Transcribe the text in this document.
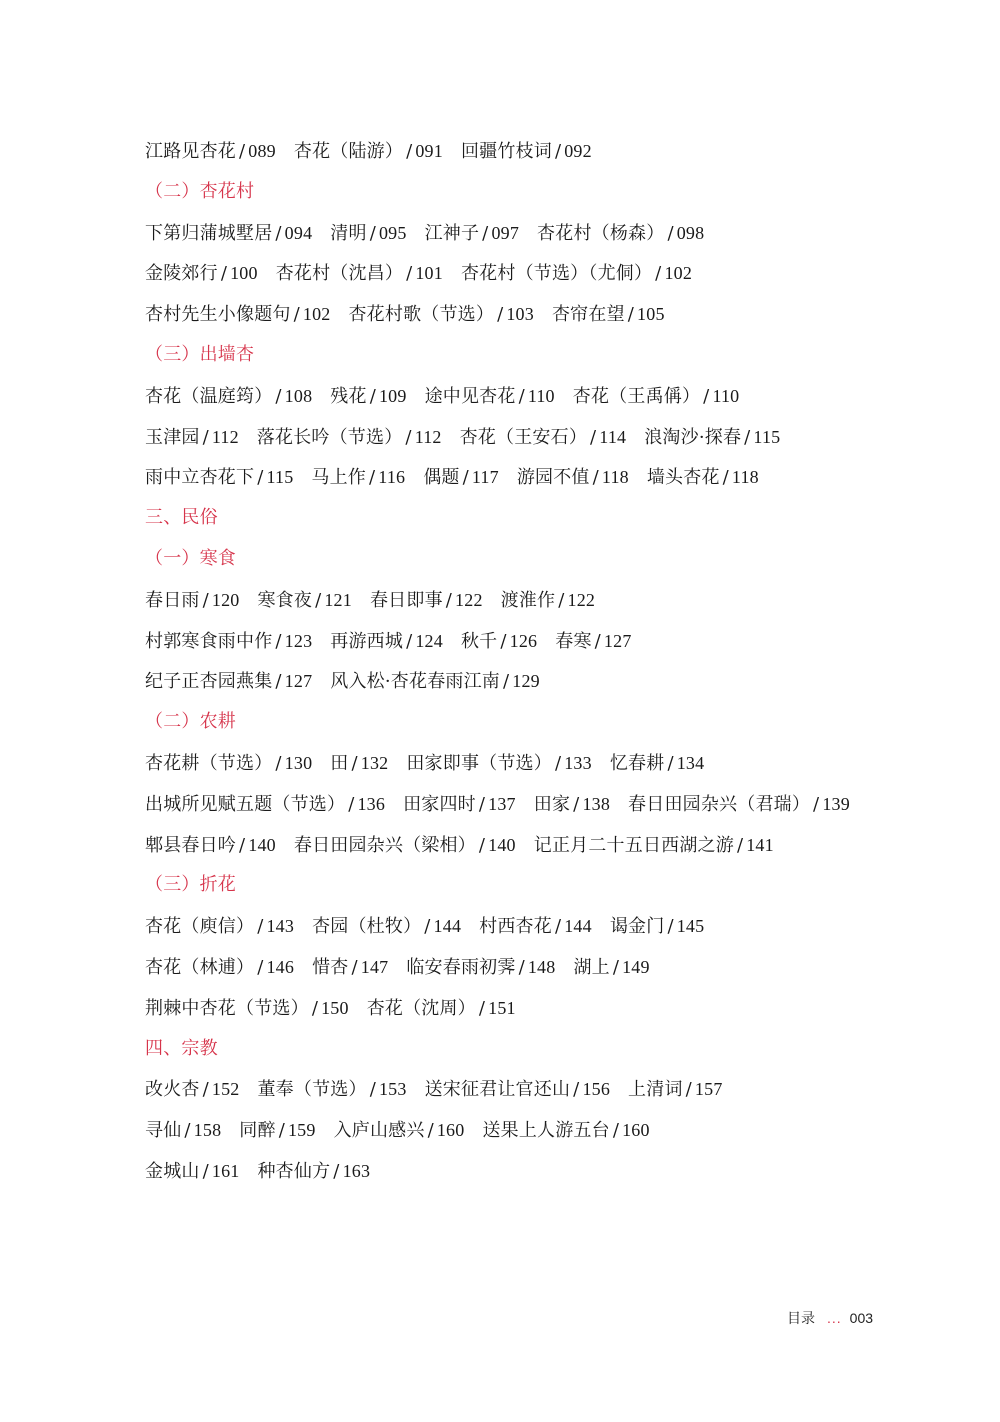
江路见杏花 / 089 杏花（陆游） / 091 回疆竹枝词 / 092
（二）杏花村
下第归蒲城墅居 / 094 清明 / 095 江神子 / 097 杏花村（杨森） / 098
金陵郊行 / 100 杏花村（沈昌） / 101 杏花村（节选）（尤侗） / 102
杏村先生小像题句 / 102 杏花村歌（节选） / 103 杏帘在望 / 105
（三）出墙杏
杏花（温庭筠） / 108 残花 / 109 途中见杏花 / 110 杏花（王禹偁） / 110
玉津园 / 112 落花长吟（节选） / 112 杏花（王安石） / 114 浪淘沙·探春 / 115
雨中立杏花下 / 115 马上作 / 116 偶题 / 117 游园不值 / 118 墙头杏花 / 118
三、民俗
（一）寒食
春日雨 / 120 寒食夜 / 121 春日即事 / 122 渡淮作 / 122
村郭寒食雨中作 / 123 再游西城 / 124 秋千 / 126 春寒 / 127
纪子正杏园燕集 / 127 风入松·杏花春雨江南 / 129
（二）农耕
杏花耕（节选） / 130 田 / 132 田家即事（节选） / 133 忆春耕 / 134
出城所见赋五题（节选） / 136 田家四时 / 137 田家 / 138 春日田园杂兴（君瑞） / 139
郫县春日吟 / 140 春日田园杂兴（梁相） / 140 记正月二十五日西湖之游 / 141
（三）折花
杏花（庾信） / 143 杏园（杜牧） / 144 村西杏花 / 144 谒金门 / 145
杏花（林逋） / 146 惜杏 / 147 临安春雨初霁 / 148 湖上 / 149
荆棘中杏花（节选） / 150 杏花（沈周） / 151
四、宗教
改火杏 / 152 董奉（节选） / 153 送宋征君让官还山 / 156 上清词 / 157
寻仙 / 158 同醉 / 159 入庐山感兴 / 160 送果上人游五台 / 160
金城山 / 161 种杏仙方 / 163
目录 ... 003
